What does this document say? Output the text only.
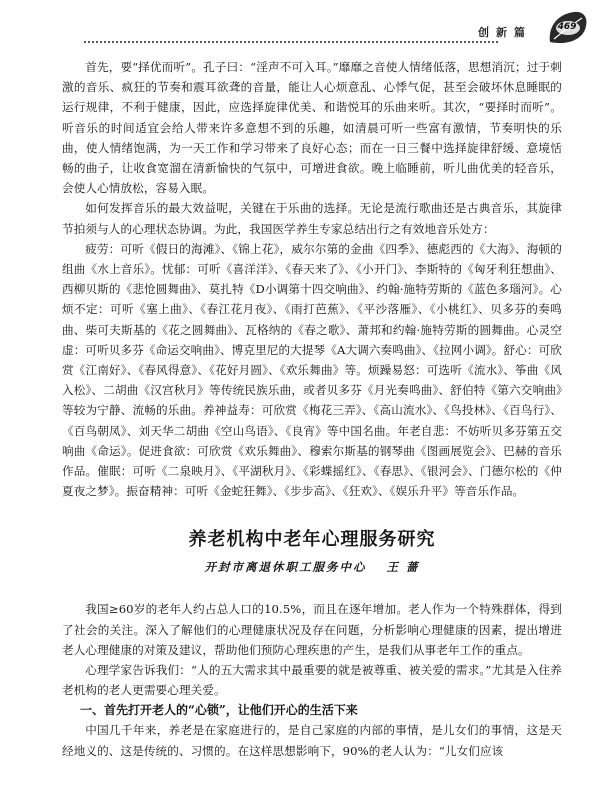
创新篇	469

首先，要“择优而听”。孔子曰：“淫声不可入耳。”靡靡之音使人情绪低落，思想消沉；过于刺激的音乐、疯狂的节奏和震耳欲聋的音量，能让人心烦意乱、心悸气促，甚至会破坏休息睡眠的运行规律，不利于健康，因此，应选择旋律优美、和谐悦耳的乐曲来听。其次，“要择时而听”。听音乐的时间适宜会给人带来许多意想不到的乐趣，如清晨可听一些富有激情，节奏明快的乐曲，使人情绪饱满，为一天工作和学习带来了良好心态；而在一日三餐中选择旋律舒缓、意境恬畅的曲子，让收食宽溜在清新愉快的气氛中，可增进食欲。晚上临睡前，听儿曲优美的轻音乐，会使人心情放松，容易入眠。

如何发挥音乐的最大效益呢，关键在于乐曲的选择。无论是流行歌曲还是古典音乐，其旋律节拍须与人的心理状态协调。为此，我国医学养生专家总结出行之有效地音乐处方：

疲劳：可听《假日的海滩》、《锦上花》，威尔尔第的金曲《四季》、德彪西的《大海》、海顿的组曲《水上音乐》。忧郁：可听《喜洋洋》、《春天来了》、《小开门》、李斯特的《匈牙利狂想曲》、西柳贝斯的《悲怆圆舞曲》、莫扎特《D小调第十四交响曲》、约翰·施特劳斯的《蓝色多瑙河》。心烦不定：可听《塞上曲》、《春江花月夜》、《雨打芭蕉》、《平沙落雁》、《小桃红》、贝多芬的奏鸣曲、柴可夫斯基的《花之圆舞曲》、瓦格纳的《春之歌》、萧邦和约翰·施特劳斯的圆舞曲。心灵空虚：可听贝多芬《命运交响曲》、博克里尼的大提琴《A大调六奏鸣曲》、《拉网小调》。舒心：可欣赏《江南好》、《春风得意》、《花好月圆》、《欢乐舞曲》等。烦躁易怒：可选听《流水》、筝曲《风入松》、二胡曲《汉宫秋月》等传统民族乐曲，或者贝多芬《月光奏鸣曲》、舒伯特《第六交响曲》等较为宁静、流畅的乐曲。养神益寿：可欣赏《梅花三弄》、《高山流水》、《鸟投林》、《百鸟行》、《百鸟朝凤》、刘天华二胡曲《空山鸟语》、《良宵》等中国名曲。年老自悲：不妨听贝多芬第五交响曲《命运》。促进食欲：可欣赏《欢乐舞曲》、穆索尔斯基的钢琴曲《图画展览会》、巴赫的音乐作品。催眠：可听《二泉映月》、《平湖秋月》、《彩蝶摇红》、《春思》、《银河会》、门德尔松的《仲夏夜之梦》。振奋精神：可听《金蛇狂舞》、《步步高》、《狂欢》、《娱乐升平》等音乐作品。

养老机构中老年心理服务研究
开封市离退休职工服务中心 王 蔷

我国≥60岁的老年人约占总人口的10.5%，而且在逐年增加。老人作为一个特殊群体，得到了社会的关注。深入了解他们的心理健康状况及存在问题，分析影响心理健康的因素，提出增进老人心理健康的对策及建议，帮助他们预防心理疾患的产生，是我们从事老年工作的重点。

心理学家告诉我们：“人的五大需求其中最重要的就是被尊重、被关爱的需求。”尤其是入住养老机构的老人更需要心理关爱。

一、首先打开老人的“心锁”，让他们开心的生活下来

中国几千年来，养老是在家庭进行的，是自己家庭的内部的事情，是儿女们的事情，这是天经地义的、这是传统的、习惯的。在这样思想影响下，90%的老人认为：“儿女们应该
